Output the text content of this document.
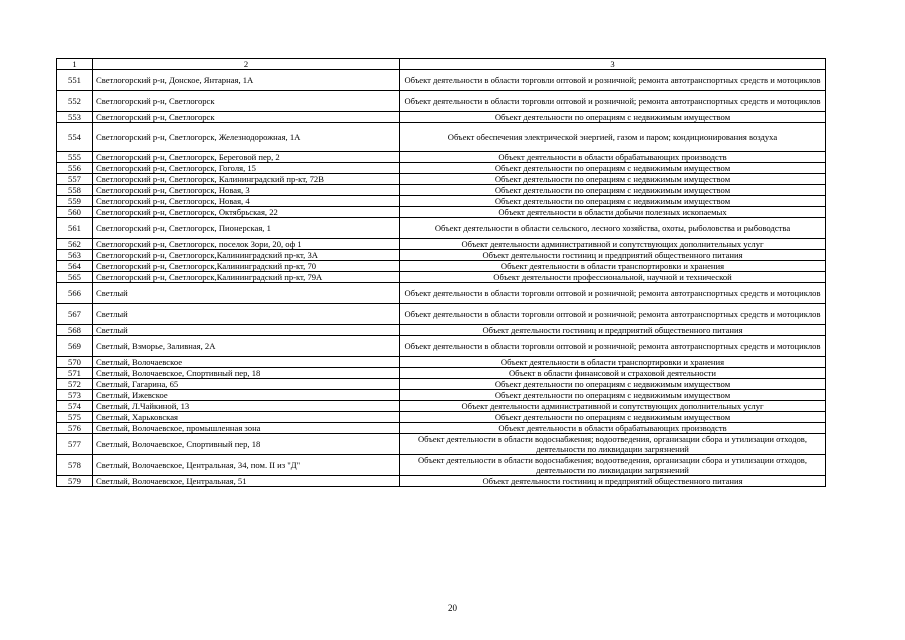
1	2	3
551	Светлогорский р-н, Донское, Янтарная, 1А	Объект деятельности в области торговли оптовой и розничной; ремонта автотранспортных средств и мотоциклов
552	Светлогорский р-н, Светлогорск	Объект деятельности в области торговли оптовой и розничной; ремонта автотранспортных средств и мотоциклов
553	Светлогорский р-н, Светлогорск	Объект деятельности по операциям с недвижимым имуществом
554	Светлогорский р-н, Светлогорск, Железнодорожная, 1А	Объект обеспечения электрической энергией, газом и паром; кондиционирования воздуха
555	Светлогорский р-н, Светлогорск, Береговой пер, 2	Объект деятельности в области обрабатывающих производств
556	Светлогорский р-н, Светлогорск, Гоголя, 15	Объект деятельности по операциям с недвижимым имуществом
557	Светлогорский р-н, Светлогорск, Калининградский пр-кт, 72В	Объект деятельности по операциям с недвижимым имуществом
558	Светлогорский р-н, Светлогорск, Новая, 3	Объект деятельности по операциям с недвижимым имуществом
559	Светлогорский р-н, Светлогорск, Новая, 4	Объект деятельности по операциям с недвижимым имуществом
560	Светлогорский р-н, Светлогорск, Октябрьская, 22	Объект деятельности в области добычи полезных ископаемых
561	Светлогорский р-н, Светлогорск, Пионерская, 1	Объект деятельности в области сельского, лесного хозяйства, охоты, рыболовства и рыбоводства
562	Светлогорский р-н, Светлогорск, поселок Зори, 20, оф 1	Объект деятельности административной и сопутствующих дополнительных услуг
563	Светлогорский р-н, Светлогорск,Калининградский пр-кт, 3А	Объект деятельности гостиниц и предприятий общественного питания
564	Светлогорский р-н, Светлогорск,Калининградский пр-кт, 70	Объект деятельности в области транспортировки и хранения
565	Светлогорский р-н, Светлогорск,Калининградский пр-кт, 79А	Объект деятельности профессиональной, научной и технической
566	Светлый	Объект деятельности в области торговли оптовой и розничной; ремонта автотранспортных средств и мотоциклов
567	Светлый	Объект деятельности в области торговли оптовой и розничной; ремонта автотранспортных средств и мотоциклов
568	Светлый	Объект деятельности гостиниц и предприятий общественного питания
569	Светлый, Взморье, Заливная, 2А	Объект деятельности в области торговли оптовой и розничной; ремонта автотранспортных средств и мотоциклов
570	Светлый, Волочаевское	Объект деятельности в области транспортировки и хранения
571	Светлый, Волочаевское, Спортивный пер, 18	Объект в области финансовой и страховой деятельности
572	Светлый, Гагарина, 65	Объект деятельности по операциям с недвижимым имуществом
573	Светлый, Ижевское	Объект деятельности по операциям с недвижимым имуществом
574	Светлый, Л.Чайкиной, 13	Объект деятельности административной и сопутствующих дополнительных услуг
575	Светлый, Харьковская	Объект деятельности по операциям с недвижимым имуществом
576	Светлый, Волочаевское, промышленная зона	Объект деятельности в области обрабатывающих производств
577	Светлый, Волочаевское, Спортивный пер, 18	Объект деятельности в области водоснабжения; водоотведения, организации сбора и утилизации отходов, деятельности по ликвидации загрязнений
578	Светлый, Волочаевское, Центральная, 34, пом. II из "Д"	Объект деятельности в области водоснабжения; водоотведения, организации сбора и утилизации отходов, деятельности по ликвидации загрязнений
579	Светлый, Волочаевское, Центральная, 51	Объект деятельности гостиниц и предприятий общественного питания
20
